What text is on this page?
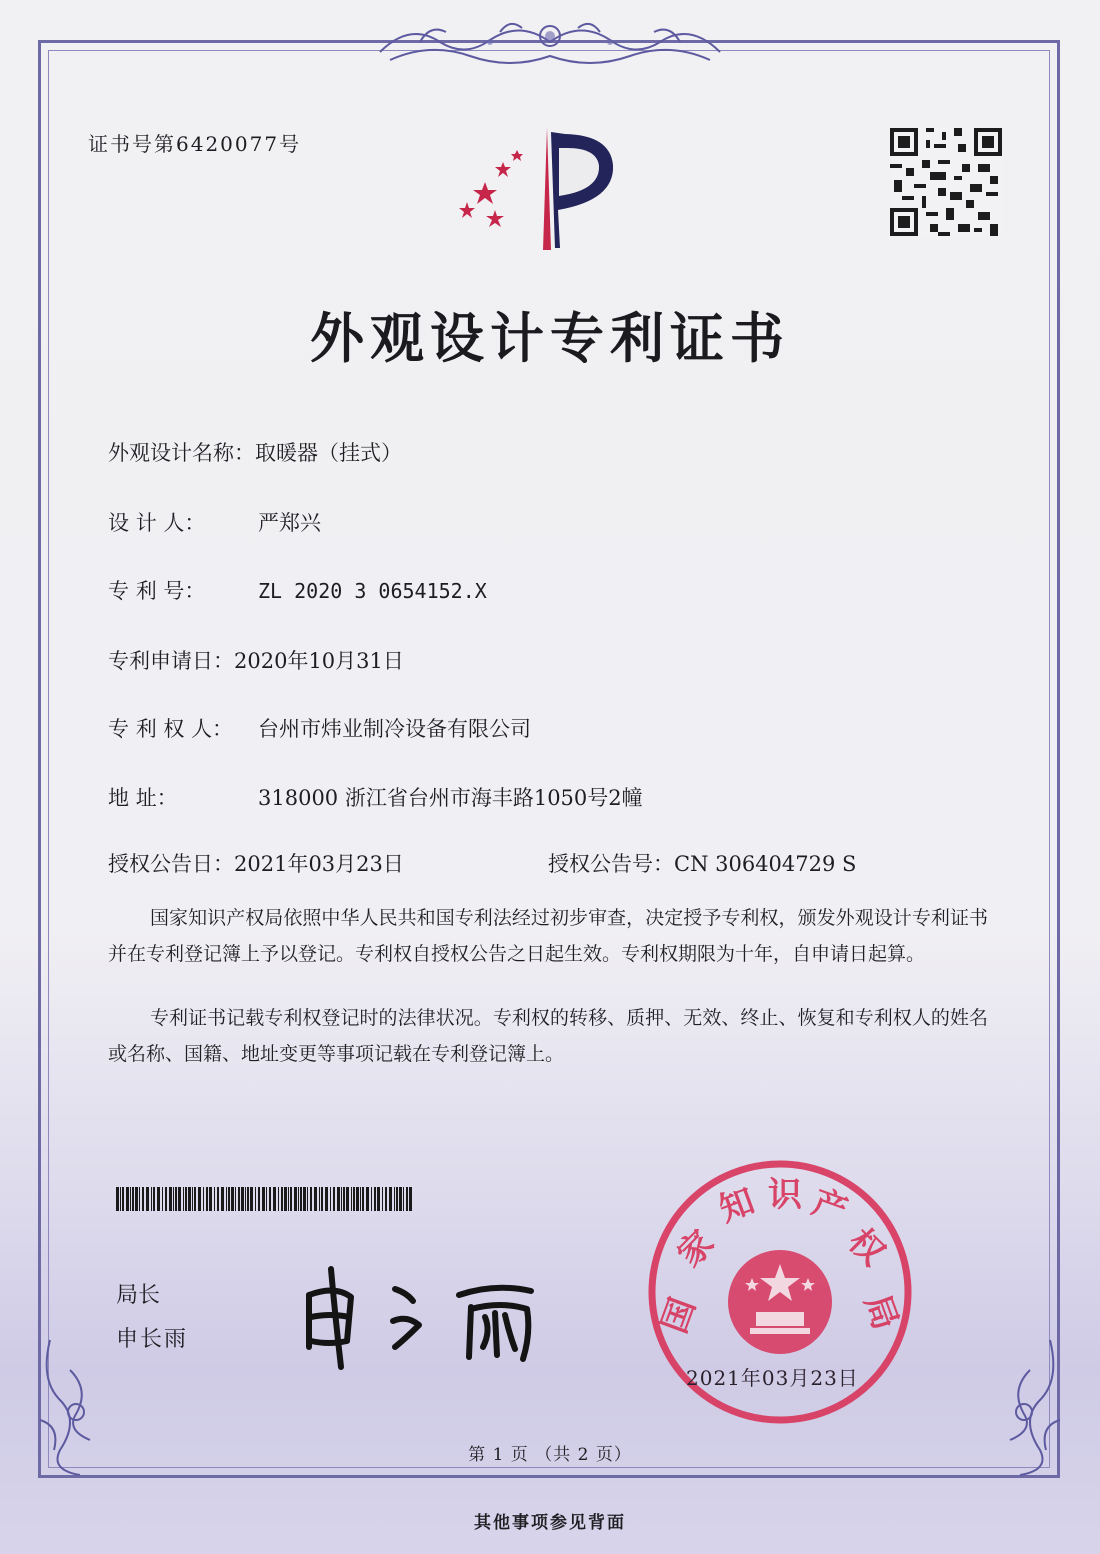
证书号第6420077号
外观设计专利证书
外观设计名称：取暖器（挂式）
设 计 人：	严郑兴
专 利 号：	ZL 2020 3 0654152.X
专利申请日：2020年10月31日
专 利 权 人： 台州市炜业制冷设备有限公司
地 址：	318000 浙江省台州市海丰路1050号2幢
授权公告日：2021年03月23日	授权公告号：CN 306404729 S
国家知识产权局依照中华人民共和国专利法经过初步审查，决定授予专利权，颁发外观设计专利证书并在专利登记簿上予以登记。专利权自授权公告之日起生效。专利权期限为十年，自申请日起算。
专利证书记载专利权登记时的法律状况。专利权的转移、质押、无效、终止、恢复和专利权人的姓名或名称、国籍、地址变更等事项记载在专利登记簿上。
局长
申长雨
国
家
知 识 产
权
局
2021年03月23日
第 1 页 （共 2 页）
其他事项参见背面
